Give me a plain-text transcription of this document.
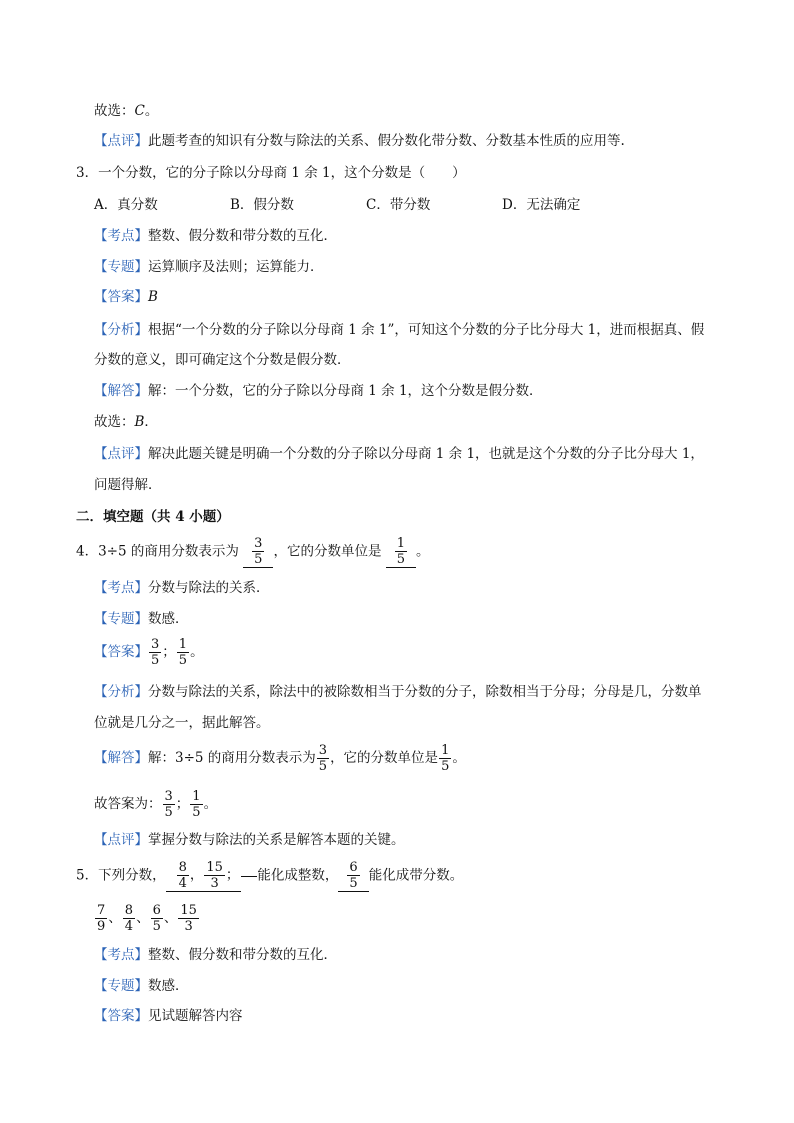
故选：C。
【点评】此题考查的知识有分数与除法的关系、假分数化带分数、分数基本性质的应用等.
3．一个分数，它的分子除以分母商 1 余 1，这个分数是（　　）
A．真分数	B．假分数	C．带分数	D．无法确定
【考点】整数、假分数和带分数的互化．
【专题】运算顺序及法则；运算能力．
【答案】B
【分析】根据“一个分数的分子除以分母商 1 余 1”，可知这个分数的分子比分母大 1，进而根据真、假
分数的意义，即可确定这个分数是假分数．
【解答】解：一个分数，它的分子除以分母商 1 余 1，这个分数是假分数．
故选：B．
【点评】解决此题关键是明确一个分数的分子除以分母商 1 余 1，也就是这个分数的分子比分母大 1，
问题得解．
二．填空题（共 4 小题）
4．3÷5 的商用分数表示为 $\frac{3}{5}$ ，它的分数单位是 $\frac{1}{5}$ 。
【考点】分数与除法的关系．
【专题】数感．
【答案】 $\frac{3}{5}$ ； $\frac{1}{5}$ 。
【分析】分数与除法的关系，除法中的被除数相当于分数的分子，除数相当于分母；分母是几，分数单
位就是几分之一，据此解答。
【解答】解：3÷5 的商用分数表示为 $\frac{3}{5}$ ，它的分数单位是 $\frac{1}{5}$ 。
故答案为： $\frac{3}{5}$ ； $\frac{1}{5}$ 。
【点评】掌握分数与除法的关系是解答本题的关键。
5．下列分数， $\frac{8}{4}$ ， $\frac{15}{3}$ ； 能化成整数， $\frac{6}{5}$ 能化成带分数。
$\frac{7}{9}$ 、 $\frac{8}{4}$ 、 $\frac{6}{5}$ 、 $\frac{15}{3}$
【考点】整数、假分数和带分数的互化．
【专题】数感．
【答案】见试题解答内容
